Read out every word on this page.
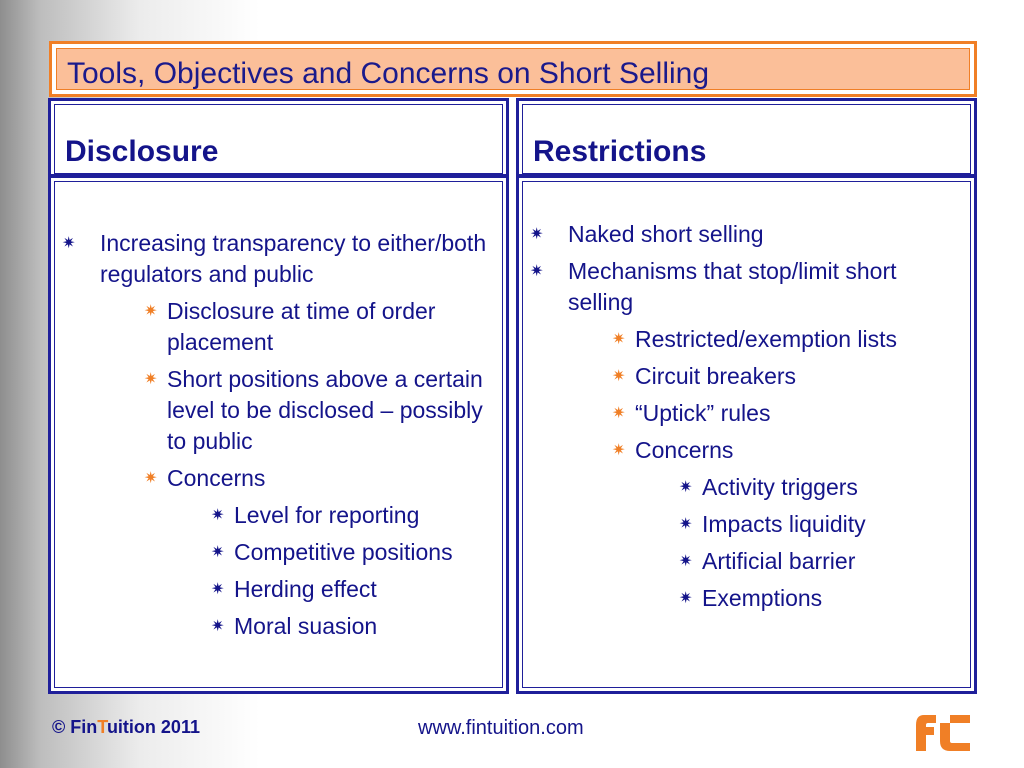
Tools, Objectives and Concerns on Short Selling
Disclosure
✷ Increasing transparency to either/both regulators and public
✷ Disclosure at time of order placement
✷ Short positions above a certain level to be disclosed – possibly to public
✷ Concerns
✷ Level for reporting
✷ Competitive positions
✷ Herding effect
✷ Moral suasion
Restrictions
✷ Naked short selling
✷ Mechanisms that stop/limit short selling
✷ Restricted/exemption lists
✷ Circuit breakers
✷ “Uptick” rules
✷ Concerns
✷ Activity triggers
✷ Impacts liquidity
✷ Artificial barrier
✷ Exemptions
© FinTuition 2011	www.fintuition.com
